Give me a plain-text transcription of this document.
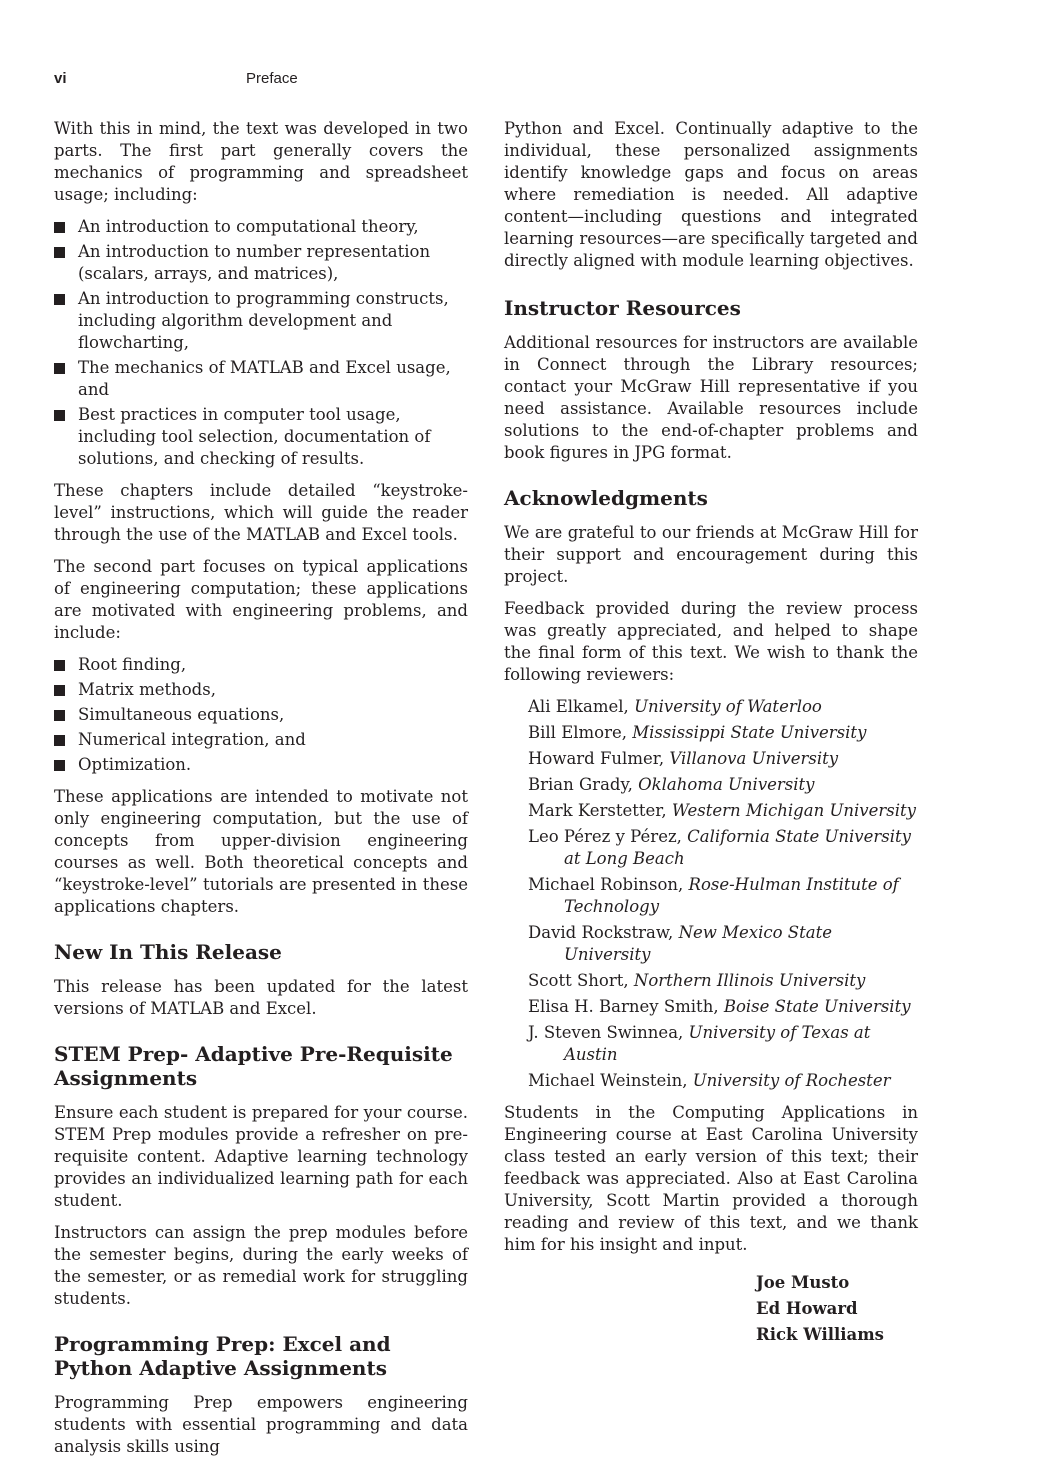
vi	Preface

With this in mind, the text was developed in two parts. The first part generally covers the mechanics of programming and spreadsheet usage; including:

An introduction to computational theory,
An introduction to number representation (scalars, arrays, and matrices),
An introduction to programming constructs, including algorithm development and flowcharting,
The mechanics of MATLAB and Excel usage, and
Best practices in computer tool usage, including tool selection, documentation of solutions, and checking of results.

These chapters include detailed “keystroke-level” instructions, which will guide the reader through the use of the MATLAB and Excel tools.

The second part focuses on typical applications of engineering computation; these applications are motivated with engineering problems, and include:

Root finding,
Matrix methods,
Simultaneous equations,
Numerical integration, and
Optimization.

These applications are intended to motivate not only engineering computation, but the use of concepts from upper-division engineering courses as well. Both theoretical concepts and “keystroke-level” tutorials are presented in these applications chapters.

New In This Release

This release has been updated for the latest versions of MATLAB and Excel.

STEM Prep- Adaptive Pre-Requisite Assignments

Ensure each student is prepared for your course. STEM Prep modules provide a refresher on pre-requisite content. Adaptive learning technology provides an individualized learning path for each student.

Instructors can assign the prep modules before the semester begins, during the early weeks of the semester, or as remedial work for struggling students.

Programming Prep: Excel and Python Adaptive Assignments

Programming Prep empowers engineering students with essential programming and data analysis skills using

Python and Excel. Continually adaptive to the individual, these personalized assignments identify knowledge gaps and focus on areas where remediation is needed. All adaptive content—including questions and integrated learning resources—are specifically targeted and directly aligned with module learning objectives.

Instructor Resources

Additional resources for instructors are available in Connect through the Library resources; contact your McGraw Hill representative if you need assistance. Available resources include solutions to the end-of-chapter problems and book figures in JPG format.

Acknowledgments

We are grateful to our friends at McGraw Hill for their support and encouragement during this project.

Feedback provided during the review process was greatly appreciated, and helped to shape the final form of this text. We wish to thank the following reviewers:

Ali Elkamel, University of Waterloo
Bill Elmore, Mississippi State University
Howard Fulmer, Villanova University
Brian Grady, Oklahoma University
Mark Kerstetter, Western Michigan University
Leo Pérez y Pérez, California State University at Long Beach
Michael Robinson, Rose-Hulman Institute of Technology
David Rockstraw, New Mexico State University
Scott Short, Northern Illinois University
Elisa H. Barney Smith, Boise State University
J. Steven Swinnea, University of Texas at Austin
Michael Weinstein, University of Rochester

Students in the Computing Applications in Engineering course at East Carolina University class tested an early version of this text; their feedback was appreciated. Also at East Carolina University, Scott Martin provided a thorough reading and review of this text, and we thank him for his insight and input.

Joe Musto
Ed Howard
Rick Williams
